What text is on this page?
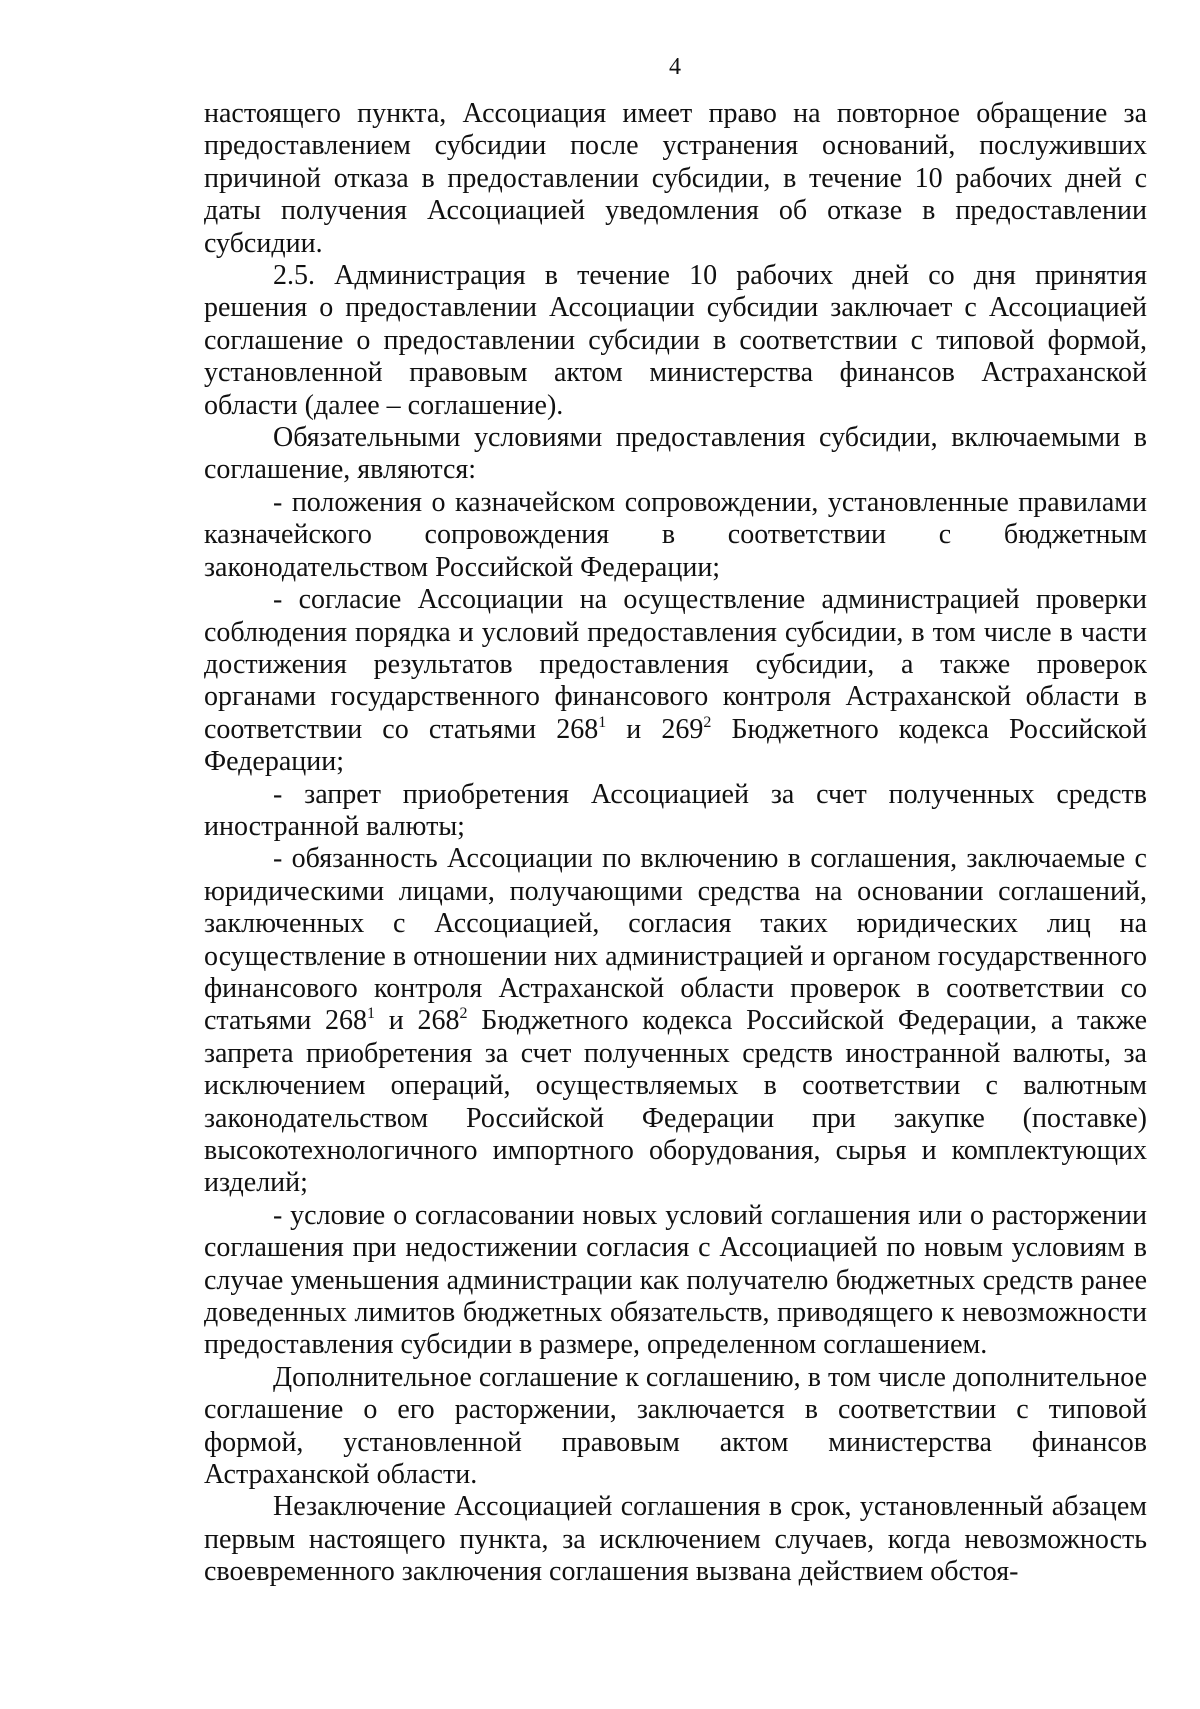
4

настоящего пункта, Ассоциация имеет право на повторное обращение за предоставлением субсидии после устранения оснований, послуживших причиной отказа в предоставлении субсидии, в течение 10 рабочих дней с даты получения Ассоциацией уведомления об отказе в предоставлении субсидии.

2.5. Администрация в течение 10 рабочих дней со дня принятия решения о предоставлении Ассоциации субсидии заключает с Ассоциацией соглашение о предоставлении субсидии в соответствии с типовой формой, установленной правовым актом министерства финансов Астраханской области (далее – соглашение).

Обязательными условиями предоставления субсидии, включаемыми в соглашение, являются:

- положения о казначейском сопровождении, установленные правилами казначейского сопровождения в соответствии с бюджетным законодательством Российской Федерации;

- согласие Ассоциации на осуществление администрацией проверки соблюдения порядка и условий предоставления субсидии, в том числе в части достижения результатов предоставления субсидии, а также проверок органами государственного финансового контроля Астраханской области в соответствии со статьями $268^1$ и $269^2$ Бюджетного кодекса Российской Федерации;

- запрет приобретения Ассоциацией за счет полученных средств иностранной валюты;

- обязанность Ассоциации по включению в соглашения, заключаемые с юридическими лицами, получающими средства на основании соглашений, заключенных с Ассоциацией, согласия таких юридических лиц на осуществление в отношении них администрацией и органом государственного финансового контроля Астраханской области проверок в соответствии со статьями $268^1$ и $268^2$ Бюджетного кодекса Российской Федерации, а также запрета приобретения за счет полученных средств иностранной валюты, за исключением операций, осуществляемых в соответствии с валютным законодательством Российской Федерации при закупке (поставке) высокотехнологичного импортного оборудования, сырья и комплектующих изделий;

- условие о согласовании новых условий соглашения или о расторжении соглашения при недостижении согласия с Ассоциацией по новым условиям в случае уменьшения администрации как получателю бюджетных средств ранее доведенных лимитов бюджетных обязательств, приводящего к невозможности предоставления субсидии в размере, определенном соглашением.

Дополнительное соглашение к соглашению, в том числе дополнительное соглашение о его расторжении, заключается в соответствии с типовой формой, установленной правовым актом министерства финансов Астраханской области.

Незаключение Ассоциацией соглашения в срок, установленный абзацем первым настоящего пункта, за исключением случаев, когда невозможность своевременного заключения соглашения вызвана действием обстоя-
